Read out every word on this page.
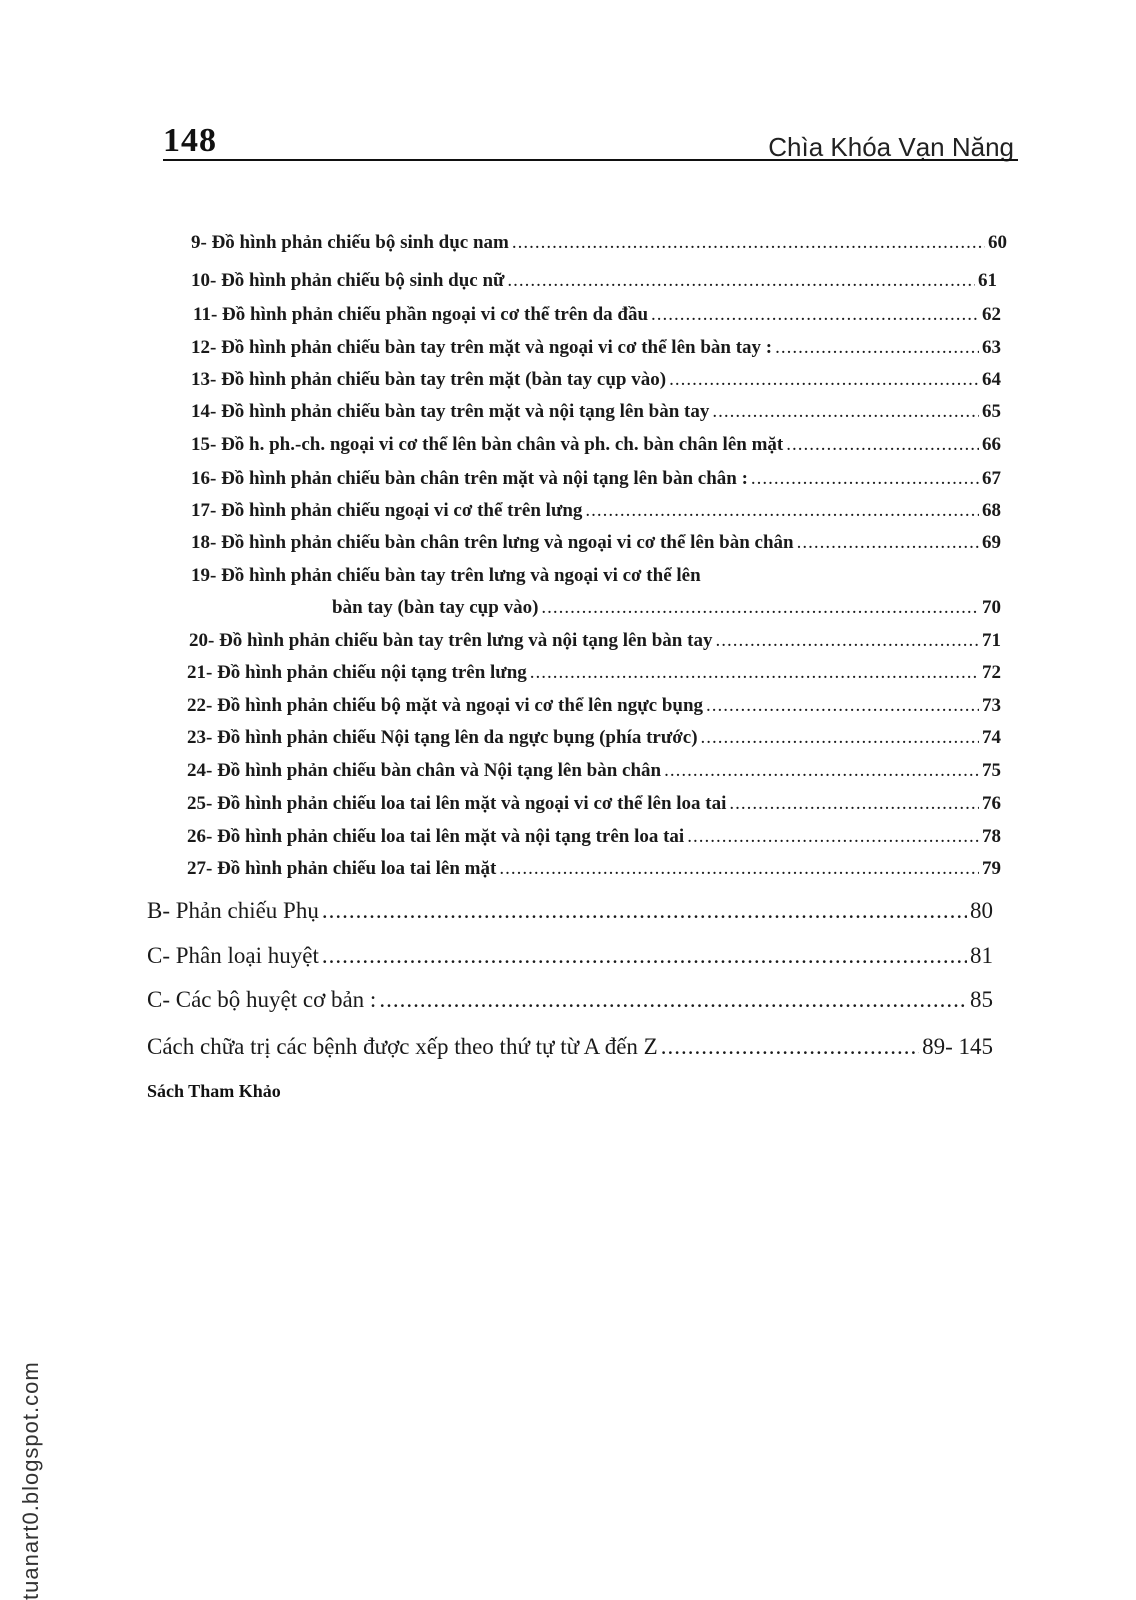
148	Chìa Khóa Vạn Năng
9- Đồ hình phản chiếu bộ sinh dục nam .....	60
10- Đồ hình phản chiếu bộ sinh dục nữ .....	61
11- Đồ hình phản chiếu phần ngoại vi cơ thể trên da đầu .....	62
12- Đồ hình phản chiếu bàn tay trên mặt và ngoại vi cơ thể lên bàn tay : .....	63
13- Đồ hình phản chiếu bàn tay trên mặt (bàn tay cụp vào) .....	64
14- Đồ hình phản chiếu bàn tay trên mặt và nội tạng lên bàn tay .....	65
15- Đồ h. ph.-ch. ngoại vi cơ thể lên bàn chân và ph. ch. bàn chân lên mặt .....	66
16- Đồ hình phản chiếu bàn chân trên mặt và nội tạng lên bàn chân : .....	67
17- Đồ hình phản chiếu ngoại vi cơ thể trên lưng .....	68
18- Đồ hình phản chiếu bàn chân trên lưng và ngoại vi cơ thể lên bàn chân .....	69
19- Đồ hình phản chiếu bàn tay trên lưng và ngoại vi cơ thể lên
bàn tay (bàn tay cụp vào) .....	70
20- Đồ hình phản chiếu bàn tay trên lưng và nội tạng lên bàn tay .....	71
21- Đồ hình phản chiếu nội tạng trên lưng .....	72
22- Đồ hình phản chiếu bộ mặt và ngoại vi cơ thể lên ngực bụng .....	73
23- Đồ hình phản chiếu Nội tạng lên da ngực bụng (phía trước) .....	74
24- Đồ hình phản chiếu bàn chân và Nội tạng lên bàn chân .....	75
25- Đồ hình phản chiếu loa tai lên mặt và ngoại vi cơ thể lên loa tai .....	76
26- Đồ hình phản chiếu loa tai lên mặt và nội tạng trên loa tai .....	78
27- Đồ hình phản chiếu loa tai lên mặt .....	79
B- Phản chiếu Phụ .....	80
C- Phân loại huyệt .....	81
C- Các bộ huyệt cơ bản : .....	85
Cách chữa trị các bệnh được xếp theo thứ tự từ A đến Z .....	89- 145
Sách Tham Khảo
tuanart0.blogspot.com
